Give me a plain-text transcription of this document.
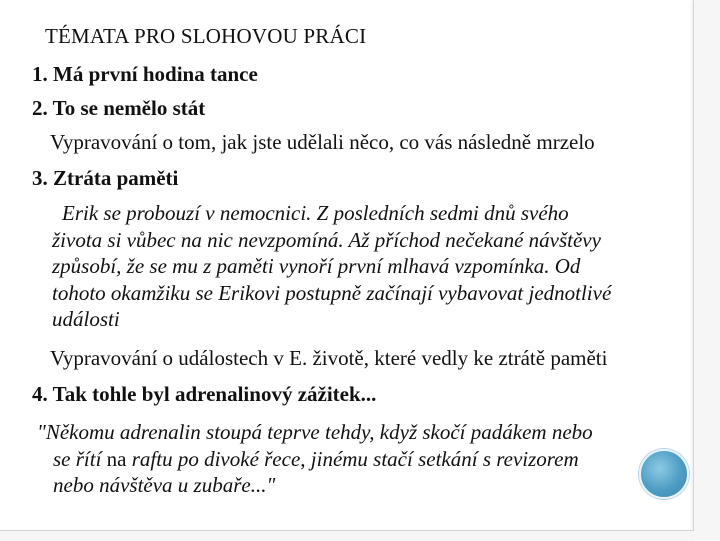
TÉMATA PRO SLOHOVOU PRÁCI
1. Má první hodina tance
2. To se nemělo stát
Vypravování o tom, jak jste udělali něco, co vás následně mrzelo
3. Ztráta paměti
Erik se probouzí v nemocnici. Z posledních sedmi dnů svého
života si vůbec na nic nevzpomíná. Až příchod nečekané návštěvy
způsobí, že se mu z paměti vynoří první mlhavá vzpomínka. Od
tohoto okamžiku se Erikovi postupně začínají vybavovat jednotlivé
události
Vypravování o událostech v E. životě, které vedly ke ztrátě paměti
4. Tak tohle byl adrenalinový zážitek...
"Někomu adrenalin stoupá teprve tehdy, když skočí padákem nebo
se řítí na raftu po divoké řece, jinému stačí setkání s revizorem
nebo návštěva u zubaře..."
